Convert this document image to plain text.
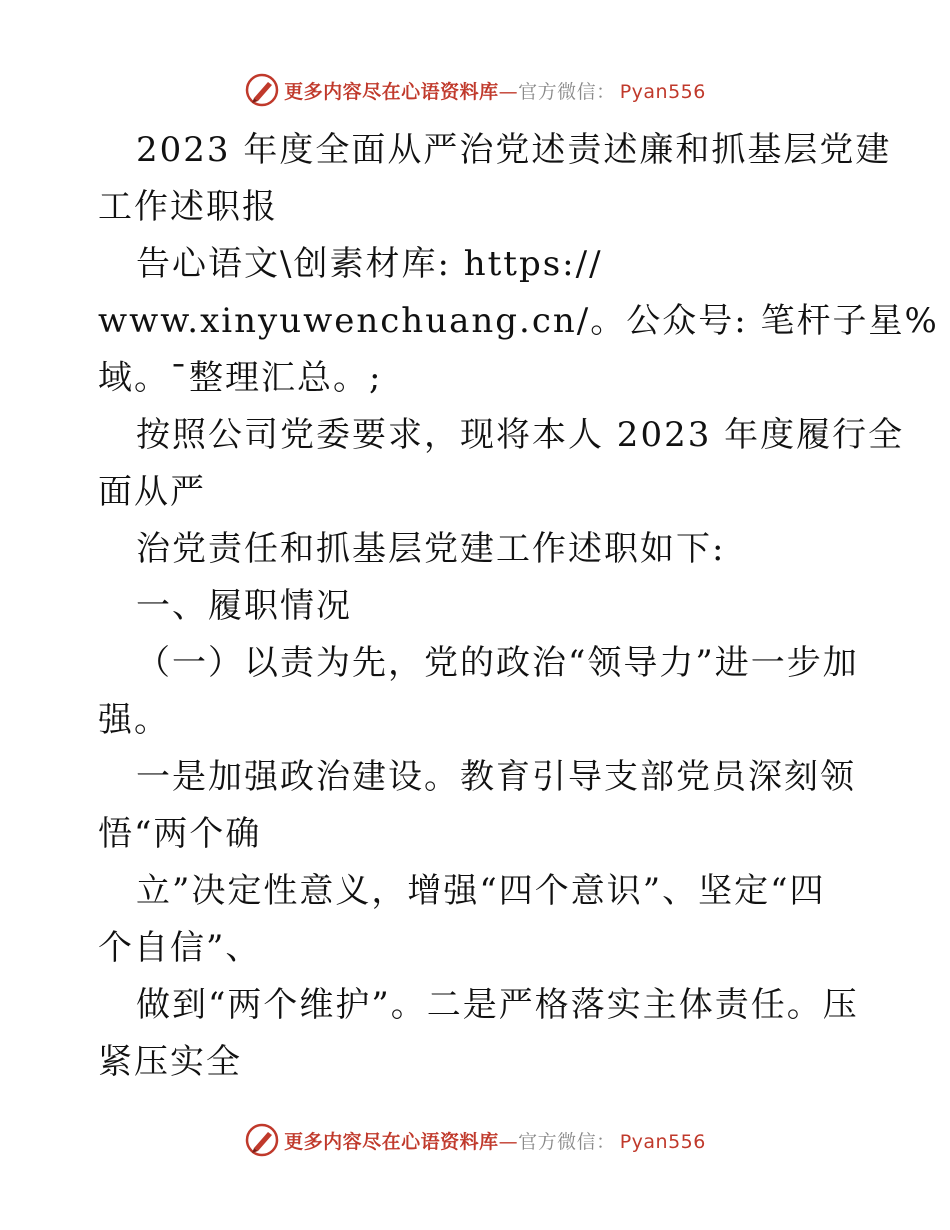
更多内容尽在心语资料库—官方微信： Pyan556
2023 年度全面从严治党述责述廉和抓基层党建
工作述职报
告心语文\创素材库: https://
www.xinyuwenchuang.cn/。公众号: 笔杆子星%
域。¯整理汇总。;
按照公司党委要求，现将本人 2023 年度履行全
面从严
治党责任和抓基层党建工作述职如下:
一、履职情况
（一）以责为先，党的政治“领导力”进一步加
强。
一是加强政治建设。教育引导支部党员深刻领
悟“两个确
立”决定性意义，增强“四个意识”、坚定“四
个自信”、
做到“两个维护”。二是严格落实主体责任。压
紧压实全
更多内容尽在心语资料库—官方微信： Pyan556
